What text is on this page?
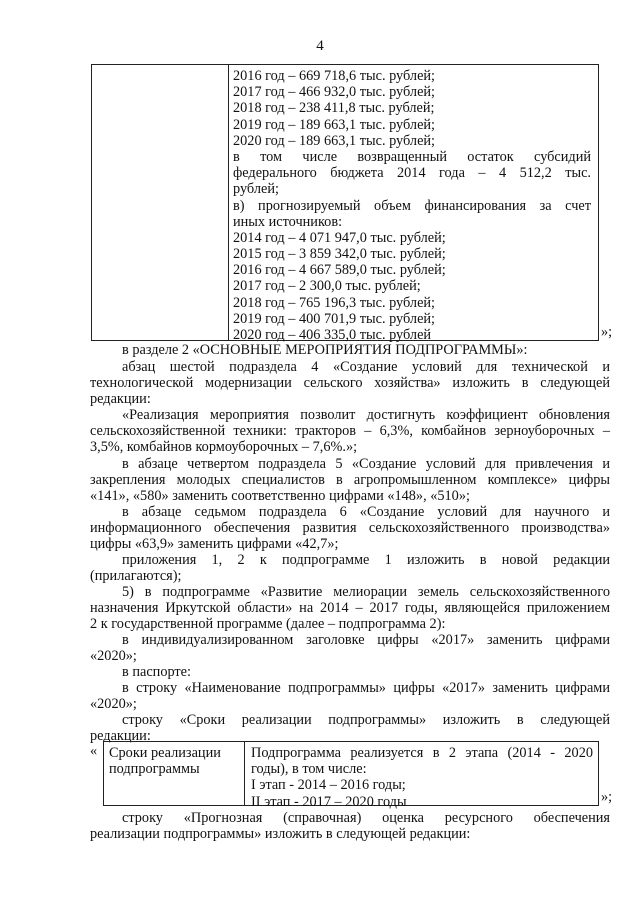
4
2016 год – 669 718,6 тыс. рублей;
2017 год – 466 932,0 тыс. рублей;
2018 год – 238 411,8 тыс. рублей;
2019 год – 189 663,1 тыс. рублей;
2020 год – 189 663,1 тыс. рублей;
в том числе возвращенный остаток субсидий
федерального бюджета 2014 года – 4 512,2 тыс.
рублей;
в) прогнозируемый объем финансирования за счет
иных источников:
2014 год – 4 071 947,0 тыс. рублей;
2015 год – 3 859 342,0 тыс. рублей;
2016 год – 4 667 589,0 тыс. рублей;
2017 год – 2 300,0 тыс. рублей;
2018 год – 765 196,3 тыс. рублей;
2019 год – 400 701,9 тыс. рублей;
2020 год – 406 335,0 тыс. рублей	»;
в разделе 2 «ОСНОВНЫЕ МЕРОПРИЯТИЯ ПОДПРОГРАММЫ»:
абзац шестой подраздела 4 «Создание условий для технической и
технологической модернизации сельского хозяйства» изложить в следующей
редакции:
«Реализация мероприятия позволит достигнуть коэффициент обновления
сельскохозяйственной техники: тракторов – 6,3%, комбайнов зерноуборочных –
3,5%, комбайнов кормоуборочных – 7,6%.»;
в абзаце четвертом подраздела 5 «Создание условий для привлечения и
закрепления молодых специалистов в агропромышленном комплексе» цифры
«141», «580» заменить соответственно цифрами «148», «510»;
в абзаце седьмом подраздела 6 «Создание условий для научного и
информационного обеспечения развития сельскохозяйственного производства»
цифры «63,9» заменить цифрами «42,7»;
приложения 1, 2 к подпрограмме 1 изложить в новой редакции
(прилагаются);
5) в подпрограмме «Развитие мелиорации земель сельскохозяйственного
назначения Иркутской области» на 2014 – 2017 годы, являющейся приложением
2 к государственной программе (далее – подпрограмма 2):
в индивидуализированном заголовке цифры «2017» заменить цифрами
«2020»;
в паспорте:
в строку «Наименование подпрограммы» цифры «2017» заменить цифрами
«2020»;
строку «Сроки реализации подпрограммы» изложить в следующей
редакции:
« Сроки реализации
подпрограммы
Подпрограмма реализуется в 2 этапа (2014 - 2020
годы), в том числе:
I этап - 2014 – 2016 годы;
II этап - 2017 – 2020 годы	»;
строку «Прогнозная (справочная) оценка ресурсного обеспечения
реализации подпрограммы» изложить в следующей редакции:
